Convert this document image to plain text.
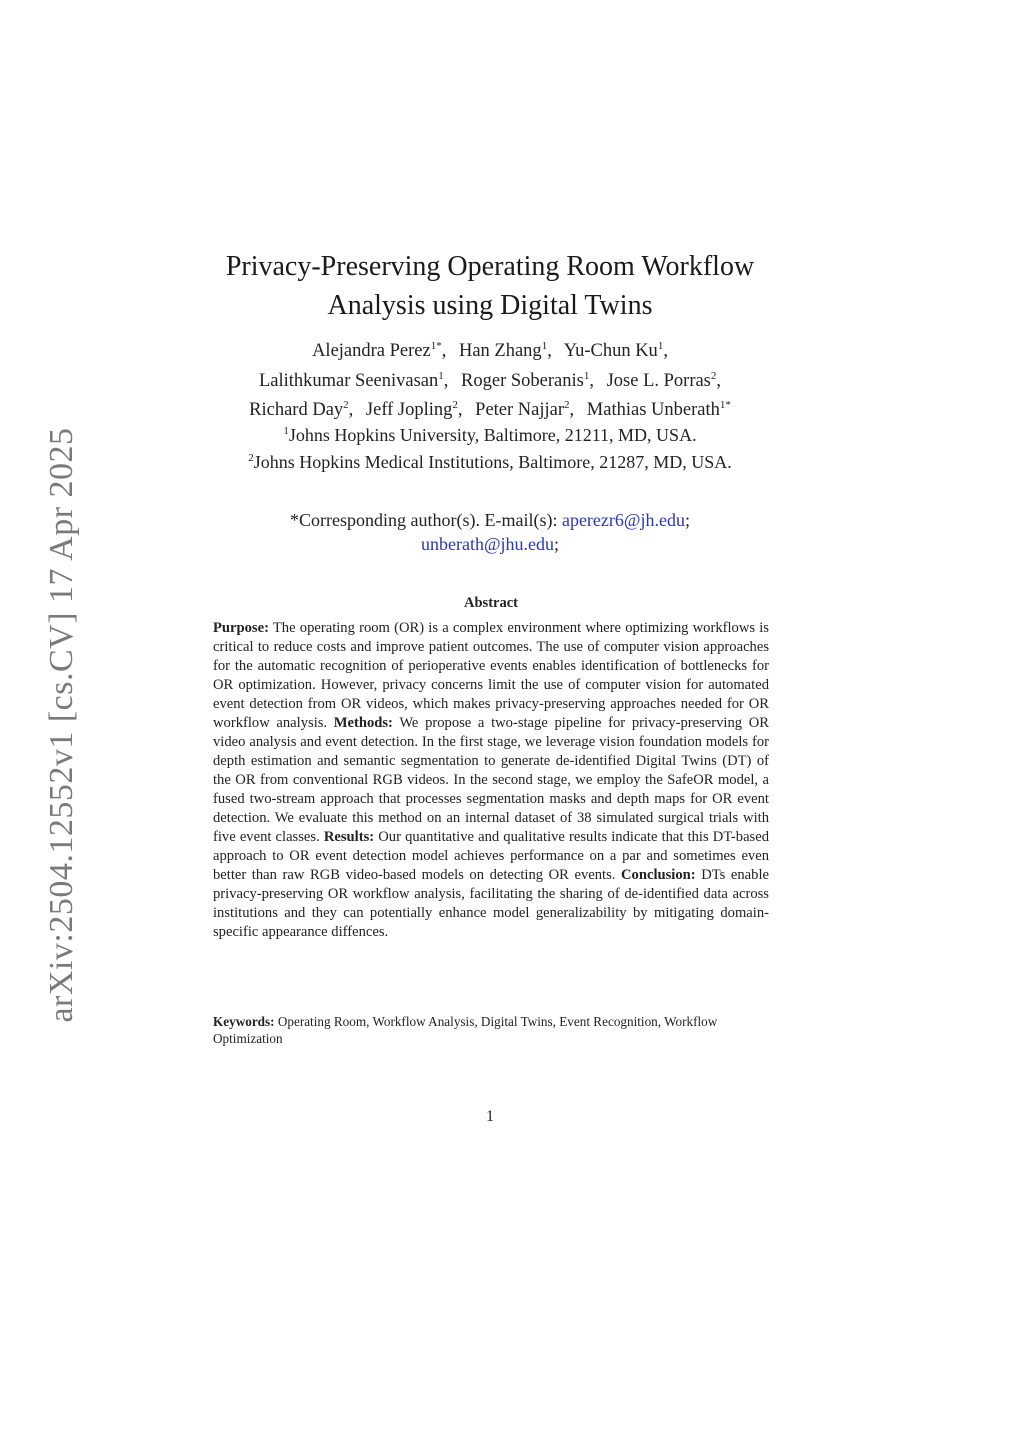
arXiv:2504.12552v1 [cs.CV] 17 Apr 2025
Privacy-Preserving Operating Room Workflow
Analysis using Digital Twins
Alejandra Perez$^{1*}$, Han Zhang$^1$, Yu-Chun Ku$^1$,
Lalithkumar Seenivasan$^1$, Roger Soberanis$^1$, Jose L. Porras$^2$,
Richard Day$^2$, Jeff Jopling$^2$, Peter Najjar$^2$, Mathias Unberath$^{1*}$
$^1$Johns Hopkins University, Baltimore, 21211, MD, USA.
$^2$Johns Hopkins Medical Institutions, Baltimore, 21287, MD, USA.
*Corresponding author(s). E-mail(s): aperezr6@jh.edu;
unberath@jhu.edu;
Abstract
Purpose: The operating room (OR) is a complex environment where optimizing workflows is critical to reduce costs and improve patient outcomes. The use of computer vision approaches for the automatic recognition of perioperative events enables identification of bottlenecks for OR optimization. However, privacy concerns limit the use of computer vision for automated event detection from OR videos, which makes privacy-preserving approaches needed for OR workflow analysis. Methods: We propose a two-stage pipeline for privacy-preserving OR video analysis and event detection. In the first stage, we leverage vision foundation models for depth estimation and semantic segmentation to generate de-identified Digital Twins (DT) of the OR from conventional RGB videos. In the second stage, we employ the SafeOR model, a fused two-stream approach that processes segmentation masks and depth maps for OR event detection. We evaluate this method on an internal dataset of 38 simulated surgical trials with five event classes. Results: Our quantitative and qualitative results indicate that this DT-based approach to OR event detection model achieves performance on a par and sometimes even better than raw RGB video-based models on detecting OR events. Conclusion: DTs enable privacy-preserving OR workflow analysis, facilitating the sharing of de-identified data across institutions and they can potentially enhance model generalizability by mitigating domain-specific appearance diffences.
Keywords: Operating Room, Workflow Analysis, Digital Twins, Event Recognition, Workflow Optimization
1
